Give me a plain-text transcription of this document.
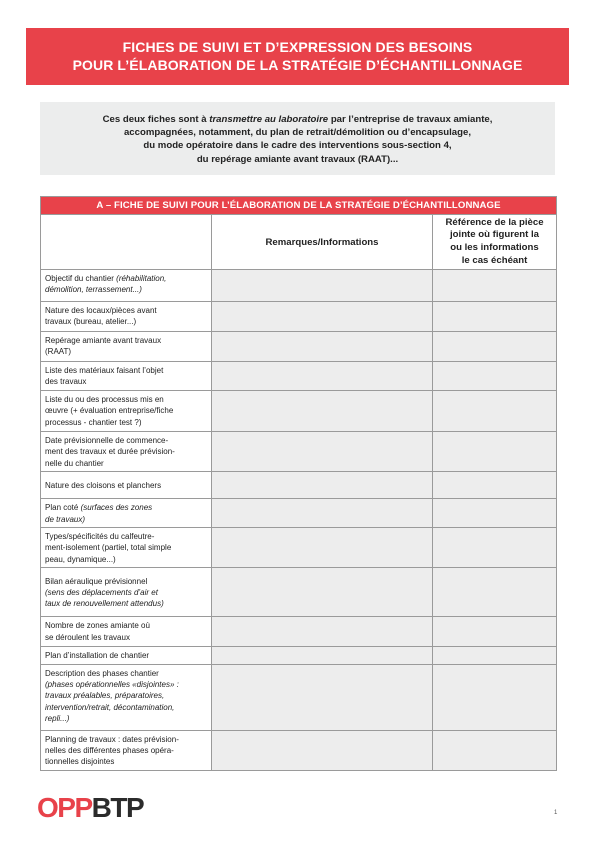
FICHES DE SUIVI ET D’EXPRESSION DES BESOINS
POUR L’ÉLABORATION DE LA STRATÉGIE D’ÉCHANTILLONNAGE
Ces deux fiches sont à transmettre au laboratoire par l’entreprise de travaux amiante,
accompagnées, notamment, du plan de retrait/démolition ou d’encapsulage,
du mode opératoire dans le cadre des interventions sous-section 4,
du repérage amiante avant travaux (RAAT)...
A – FICHE DE SUIVI POUR L’ÉLABORATION DE LA STRATÉGIE D’ÉCHANTILLONNAGE		
	Remarques/Informations	Référence de la pièce
jointe où figurent la
ou les informations
le cas échéant

Objectif du chantier (réhabilitation,
démolition, terrassement...)		

Nature des locaux/pièces avant
travaux (bureau, atelier...)		

Repérage amiante avant travaux
(RAAT)		

Liste des matériaux faisant l’objet
des travaux		

Liste du ou des processus mis en
œuvre (+ évaluation entreprise/fiche
processus - chantier test ?)		

Date prévisionnelle de commence-
ment des travaux et durée prévision-
nelle du chantier		

Nature des cloisons et planchers		

Plan coté (surfaces des zones
de travaux)		

Types/spécificités du calfeutre-
ment-isolement (partiel, total simple
peau, dynamique...)		

Bilan aéraulique prévisionnel
(sens des déplacements d’air et
taux de renouvellement attendus)		

Nombre de zones amiante où
se déroulent les travaux		

Plan d’installation de chantier		

Description des phases chantier
(phases opérationnelles «disjointes» :
travaux préalables, préparatoires,
intervention/retrait, décontamination,
repli...)		

Planning de travaux : dates prévision-
nelles des différentes phases opéra-
tionnelles disjointes		

OPPBTP	1
